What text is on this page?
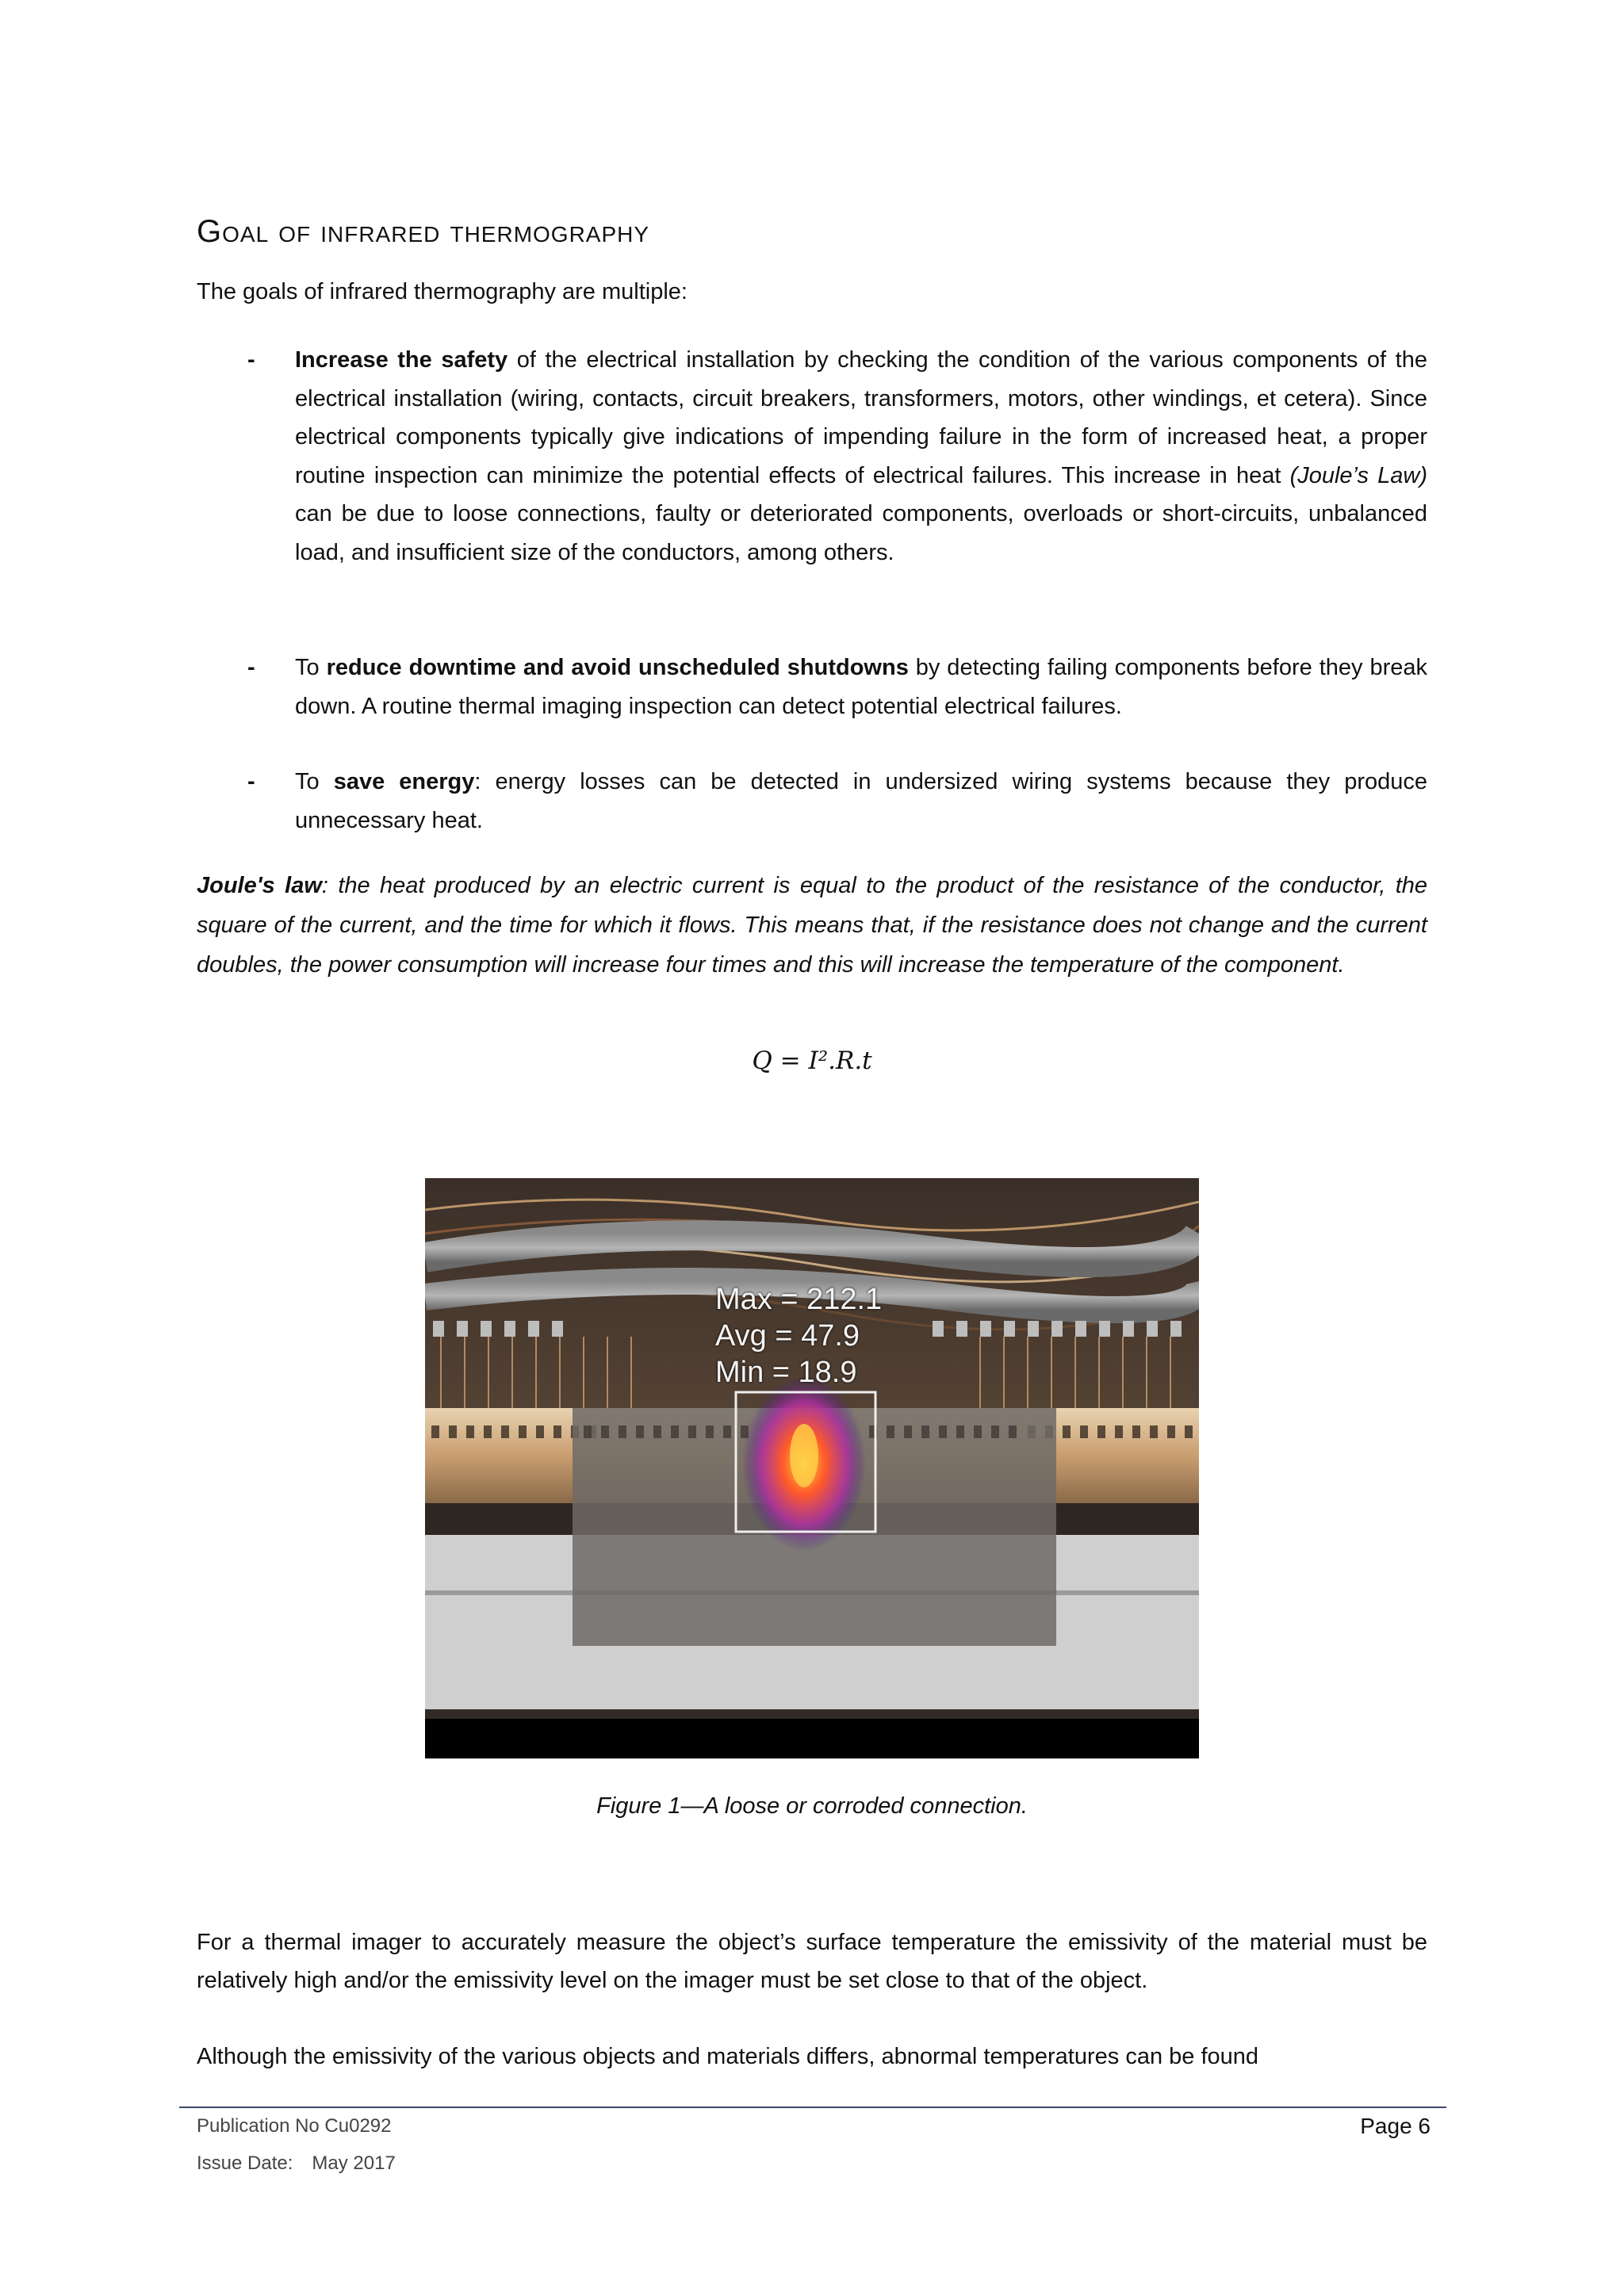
Goal of infrared thermography
The goals of infrared thermography are multiple:
- Increase the safety of the electrical installation by checking the condition of the various components of the electrical installation (wiring, contacts, circuit breakers, transformers, motors, other windings, et cetera). Since electrical components typically give indications of impending failure in the form of increased heat, a proper routine inspection can minimize the potential effects of electrical failures. This increase in heat (Joule’s Law) can be due to loose connections, faulty or deteriorated components, overloads or short-circuits, unbalanced load, and insufficient size of the conductors, among others.
- To reduce downtime and avoid unscheduled shutdowns by detecting failing components before they break down. A routine thermal imaging inspection can detect potential electrical failures.
- To save energy: energy losses can be detected in undersized wiring systems because they produce unnecessary heat.
Joule's law: the heat produced by an electric current is equal to the product of the resistance of the conductor, the square of the current, and the time for which it flows. This means that, if the resistance does not change and the current doubles, the power consumption will increase four times and this will increase the temperature of the component.
Q = I².R.t
Max = 212.1
Avg = 47.9
Min = 18.9
Figure 1—A loose or corroded connection.
For a thermal imager to accurately measure the object’s surface temperature the emissivity of the material must be relatively high and/or the emissivity level on the imager must be set close to that of the object.
Although the emissivity of the various objects and materials differs, abnormal temperatures can be found
Publication No Cu0292
Issue Date: May 2017
Page 6
